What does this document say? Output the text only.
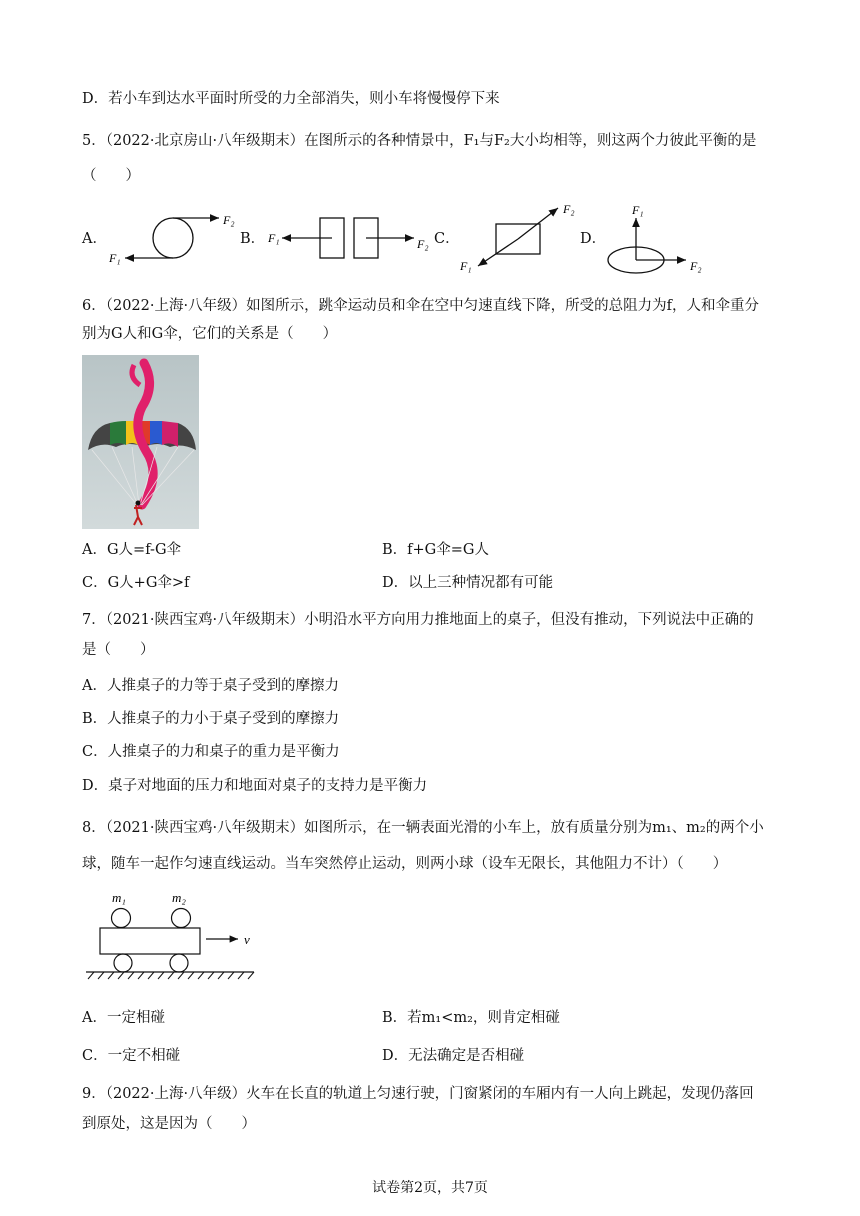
D．若小车到达水平面时所受的力全部消失，则小车将慢慢停下来
5．（2022·北京房山·八年级期末）在图所示的各种情景中，F₁与F₂大小均相等，则这两个力彼此平衡的是
（　　）
A．	B．	C．	D．
F₂
F₁
F₁	F₂
F₂
F₁
F₁
F₂
6．（2022·上海·八年级）如图所示，跳伞运动员和伞在空中匀速直线下降，所受的总阻力为f，人和伞重分
别为G人和G伞，它们的关系是（　　）
A．G人=f-G伞	B．f+G伞=G人
C．G人+G伞>f	D．以上三种情况都有可能
7．（2021·陕西宝鸡·八年级期末）小明沿水平方向用力推地面上的桌子，但没有推动，下列说法中正确的
是（　　）
A．人推桌子的力等于桌子受到的摩擦力
B．人推桌子的力小于桌子受到的摩擦力
C．人推桌子的力和桌子的重力是平衡力
D．桌子对地面的压力和地面对桌子的支持力是平衡力
8．（2021·陕西宝鸡·八年级期末）如图所示，在一辆表面光滑的小车上，放有质量分别为m₁、m₂的两个小
球，随车一起作匀速直线运动。当车突然停止运动，则两小球（设车无限长，其他阻力不计）（　　）
m₁	m₂
v
A．一定相碰	B．若m₁<m₂，则肯定相碰
C．一定不相碰	D．无法确定是否相碰
9．（2022·上海·八年级）火车在长直的轨道上匀速行驶，门窗紧闭的车厢内有一人向上跳起，发现仍落回
到原处，这是因为（　　）
试卷第2页，共7页
